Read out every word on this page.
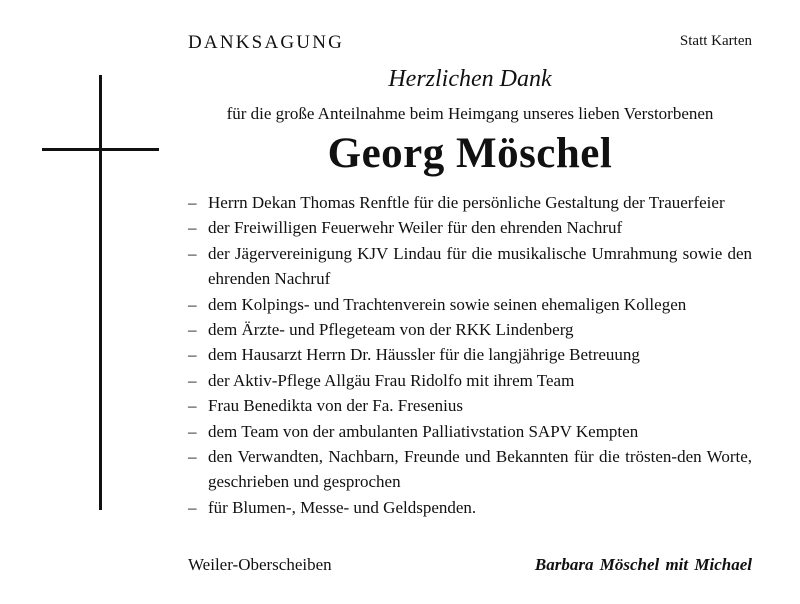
DANKSAGUNG	Statt Karten
Herzlichen Dank
für die große Anteilnahme beim Heimgang unseres lieben Verstorbenen
Georg Möschel
– Herrn Dekan Thomas Renftle für die persönliche Gestaltung der Trauerfeier
– der Freiwilligen Feuerwehr Weiler für den ehrenden Nachruf
– der Jägervereinigung KJV Lindau für die musikalische Umrahmung sowie den ehrenden Nachruf
– dem Kolpings- und Trachtenverein sowie seinen ehemaligen Kollegen
– dem Ärzte- und Pflegeteam von der RKK Lindenberg
– dem Hausarzt Herrn Dr. Häussler für die langjährige Betreuung
– der Aktiv-Pflege Allgäu Frau Ridolfo mit ihrem Team
– Frau Benedikta von der Fa. Fresenius
– dem Team von der ambulanten Palliativstation SAPV Kempten
– den Verwandten, Nachbarn, Freunde und Bekannten für die trösten-den Worte, geschrieben und gesprochen
– für Blumen-, Messe- und Geldspenden.
Weiler-Oberscheiben	Barbara Möschel mit Michael
